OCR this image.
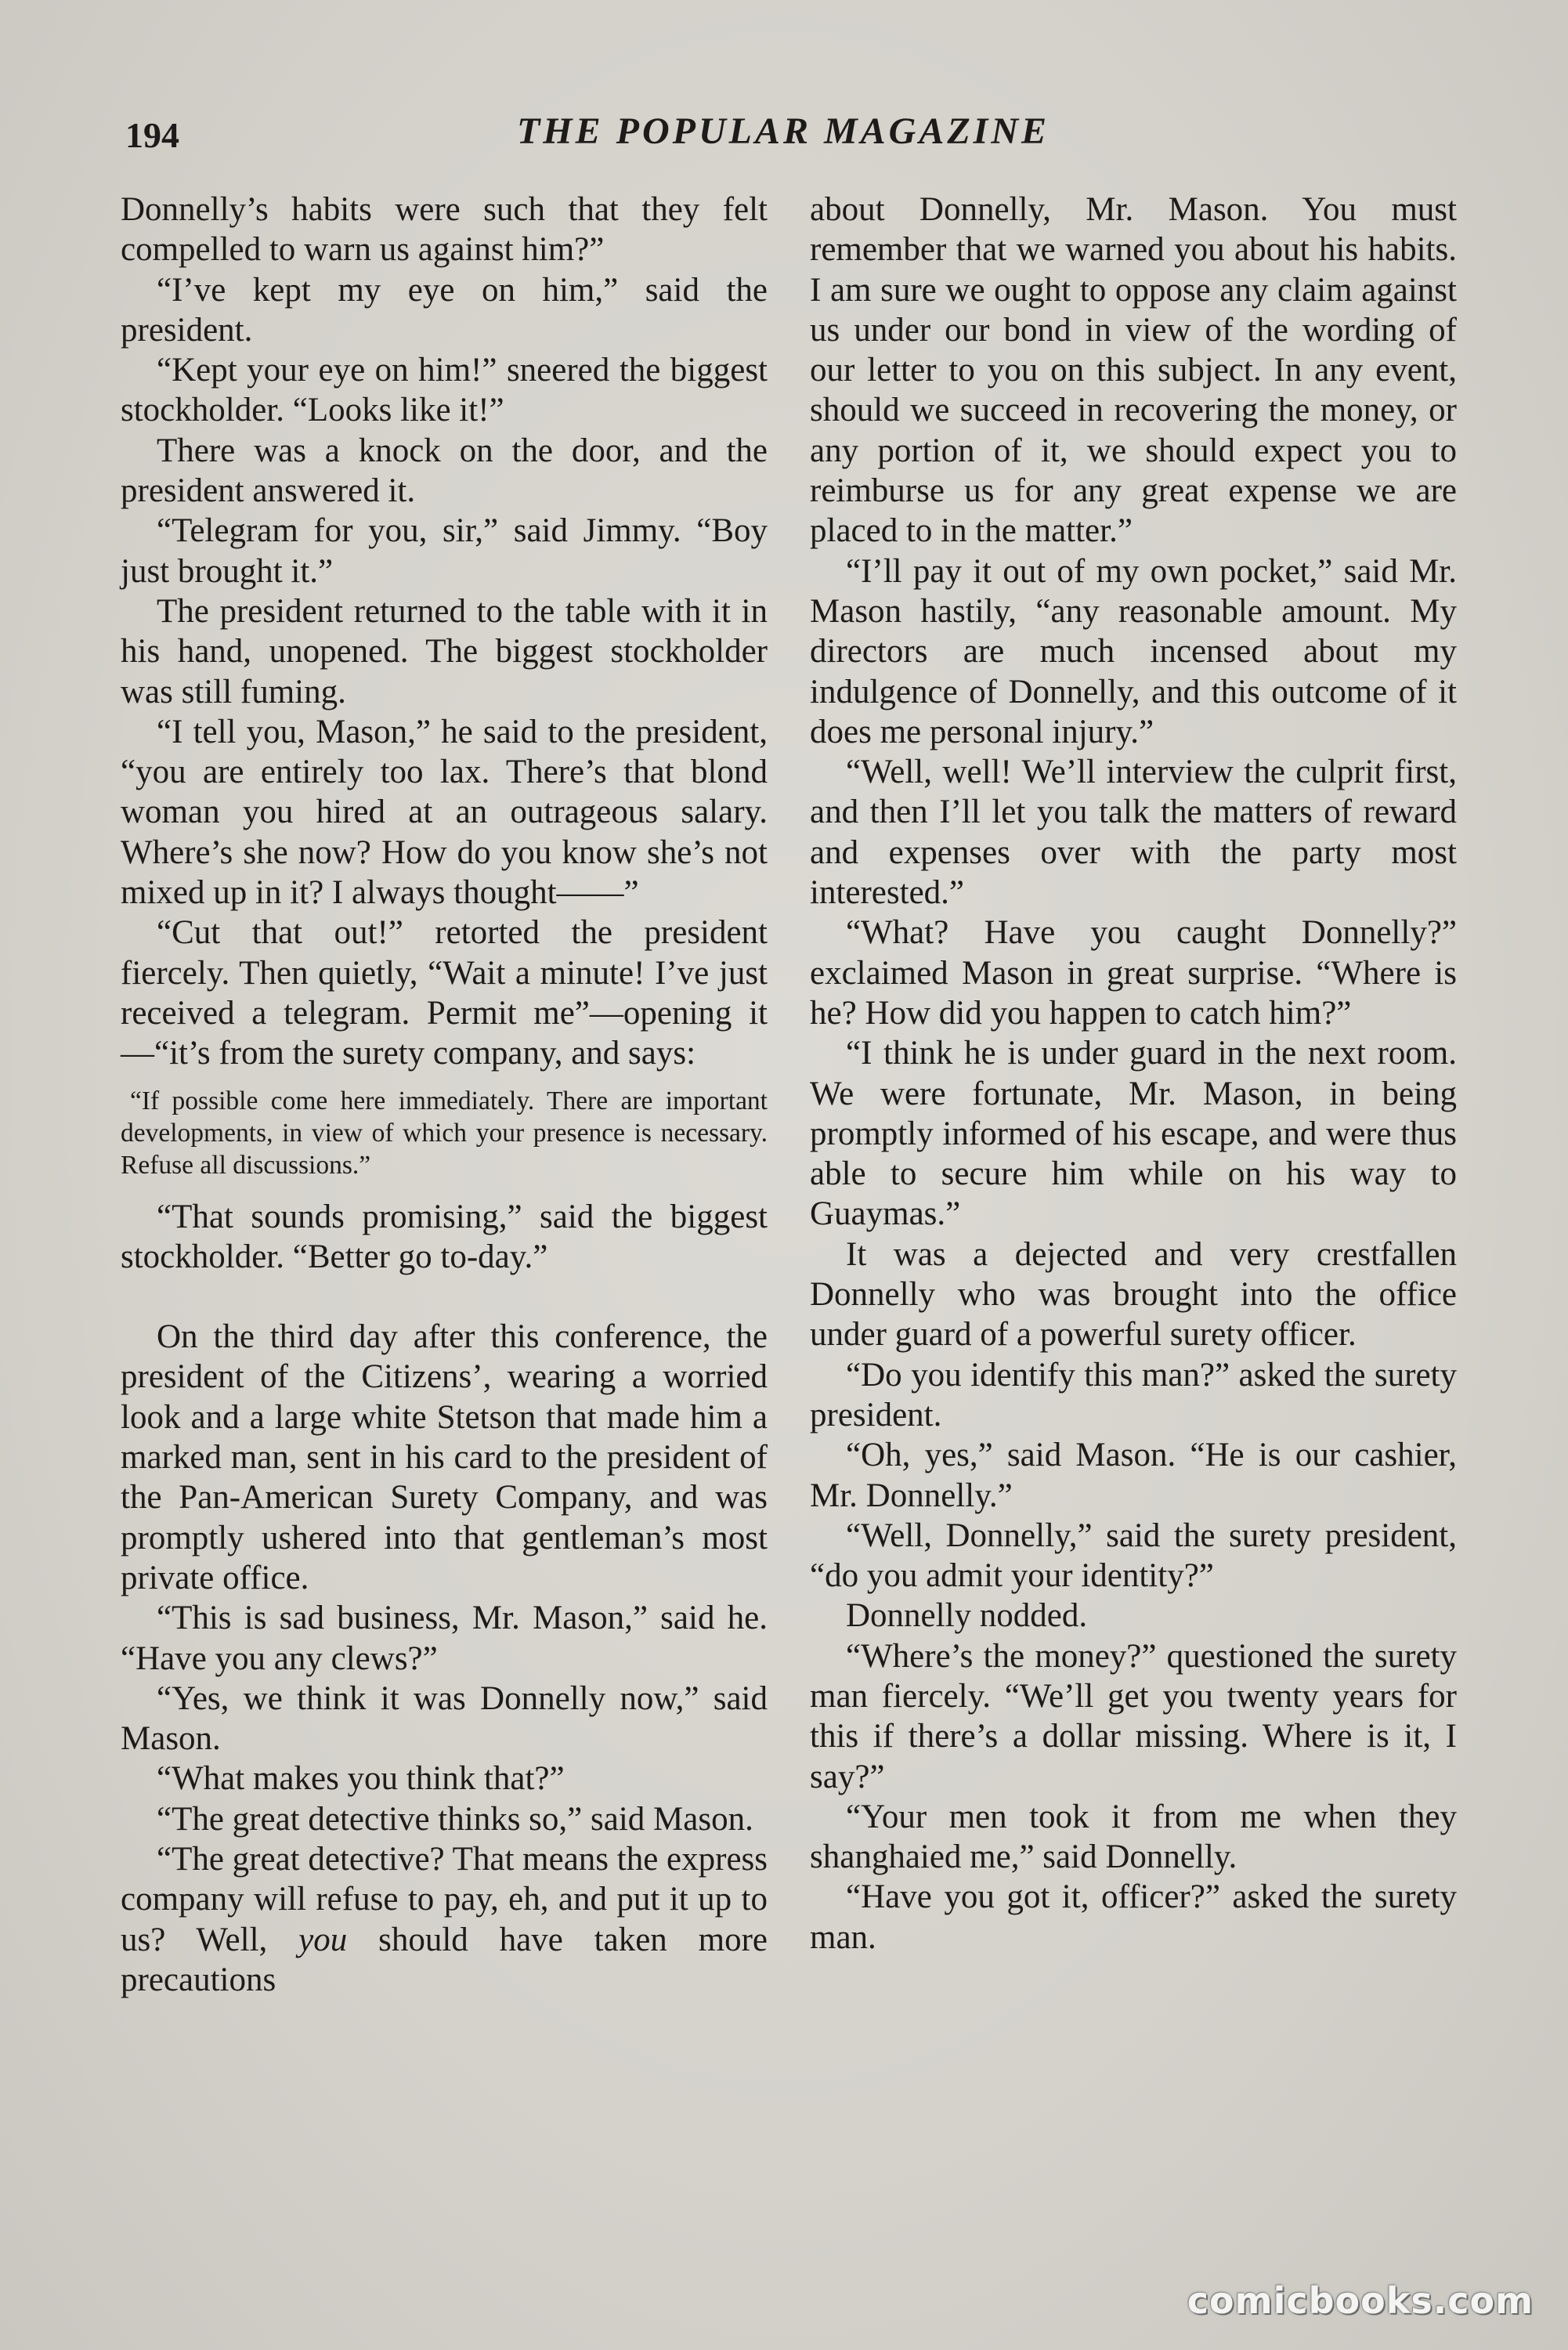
194	THE POPULAR MAGAZINE

Donnelly’s habits were such that they felt compelled to warn us against him?”

“I’ve kept my eye on him,” said the president.

“Kept your eye on him!” sneered the biggest stockholder. “Looks like it!”

There was a knock on the door, and the president answered it.

“Telegram for you, sir,” said Jimmy. “Boy just brought it.”

The president returned to the table with it in his hand, unopened. The biggest stockholder was still fuming.

“I tell you, Mason,” he said to the president, “you are entirely too lax. There’s that blond woman you hired at an outrageous salary. Where’s she now? How do you know she’s not mixed up in it? I always thought——”

“Cut that out!” retorted the president fiercely. Then quietly, “Wait a minute! I’ve just received a telegram. Permit me”—opening it—“it’s from the surety company, and says:

“If possible come here immediately. There are important developments, in view of which your presence is necessary. Refuse all discussions.”

“That sounds promising,” said the biggest stockholder. “Better go to-day.”

On the third day after this conference, the president of the Citizens’, wearing a worried look and a large white Stetson that made him a marked man, sent in his card to the president of the Pan-American Surety Company, and was promptly ushered into that gentleman’s most private office.

“This is sad business, Mr. Mason,” said he. “Have you any clews?”

“Yes, we think it was Donnelly now,” said Mason.

“What makes you think that?”

“The great detective thinks so,” said Mason.

“The great detective? That means the express company will refuse to pay, eh, and put it up to us? Well, you should have taken more precautions

about Donnelly, Mr. Mason. You must remember that we warned you about his habits. I am sure we ought to oppose any claim against us under our bond in view of the wording of our letter to you on this subject. In any event, should we succeed in recovering the money, or any portion of it, we should expect you to reimburse us for any great expense we are placed to in the matter.”

“I’ll pay it out of my own pocket,” said Mr. Mason hastily, “any reasonable amount. My directors are much incensed about my indulgence of Donnelly, and this outcome of it does me personal injury.”

“Well, well! We’ll interview the culprit first, and then I’ll let you talk the matters of reward and expenses over with the party most interested.”

“What? Have you caught Donnelly?” exclaimed Mason in great surprise. “Where is he? How did you happen to catch him?”

“I think he is under guard in the next room. We were fortunate, Mr. Mason, in being promptly informed of his escape, and were thus able to secure him while on his way to Guaymas.”

It was a dejected and very crestfallen Donnelly who was brought into the office under guard of a powerful surety officer.

“Do you identify this man?” asked the surety president.

“Oh, yes,” said Mason. “He is our cashier, Mr. Donnelly.”

“Well, Donnelly,” said the surety president, “do you admit your identity?”

Donnelly nodded.

“Where’s the money?” questioned the surety man fiercely. “We’ll get you twenty years for this if there’s a dollar missing. Where is it, I say?”

“Your men took it from me when they shanghaied me,” said Donnelly.

“Have you got it, officer?” asked the surety man.

comicbooks.com
